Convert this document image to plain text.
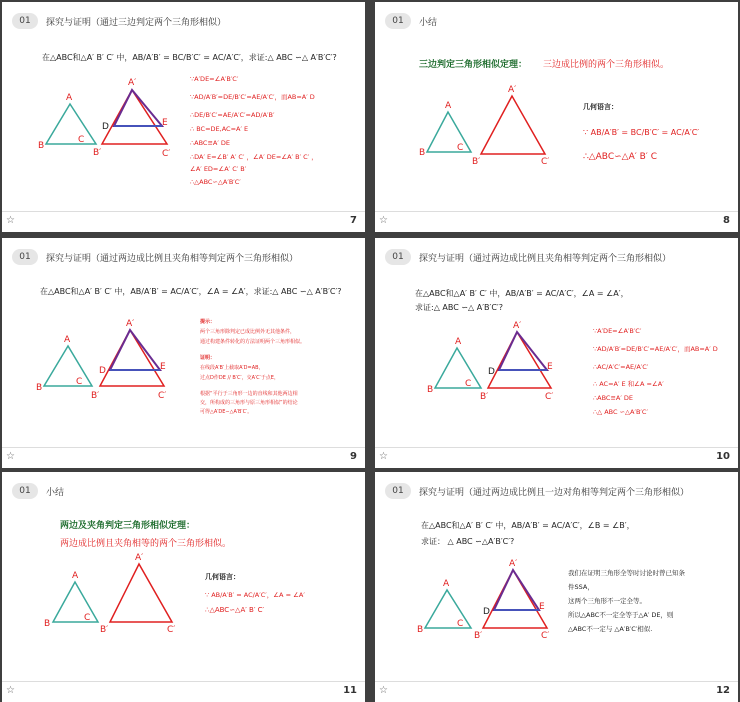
01	探究与证明（通过三边判定两个三角形相似）
在△ABC和△A′ B′ C′ 中，AB/A′B′ = BC/B′C′ = AC/A′C′，求证:△ ABC ∽△ A′B′C′?
A
B
C
A′
B′	C′
D	E
∵A′DE=∠A′B′C′
∵AD/A′B′=DE/B′C′=AE/A′C′，而AB=A′ D
∴DE/B′C′=AE/A′C′=AD/A′B′
∴ BC=DE,AC=A′ E
∴ABC≅A′ DE
∴DA′ E=∠B′ A′ C′ ，∠A′ DE=∠A′ B′ C′ ，
∠A′ ED=∠A′ C′ B′
∴△ABC∽△A′B′C′
☆	7
01	小结
三边判定三角形相似定理： 三边成比例的两个三角形相似。
A
B	C
A′
B′	C′
几何语言：
∵ AB/A′B′ = BC/B′C′ = AC/A′C′
∴△ABC∽△A′ B′ C
☆	8
01	探究与证明（通过两边成比例且夹角相等判定两个三角形相似）
在△ABC和△A′ B′ C′ 中，AB/A′B′ = AC/A′C′，∠A = ∠A′，求证:△ ABC ∽△ A′B′C′?
A
B
C
A′
B′	C′
D	E
提示：
两个三角形除判定已成比例外无其他条件，
通过构建条件转化的方法证明两个三角形相似。
证明：
在线段A′B′上截取A′D=AB，
过点D作DE // B′C′，交A′C′于点E，
根据“平行于三角形一边的直线和其他两边相
交，所构成的三角形与原三角形相似”的结论
可得△A′DE∽△A′B′C′。
☆	9
01	探究与证明（通过两边成比例且夹角相等判定两个三角形相似）
在△ABC和△A′ B′ C′ 中，AB/A′B′ = AC/A′C′，∠A = ∠A′，
求证:△ ABC ∽△ A′B′C′?
A
B
C
A′
B′	C′
D	E
∵A′DE=∠A′B′C′
∵AD/A′B′=DE/B′C′=AE/A′C′，而AB=A′ D
∴AC/A′C′=AE/A′C′
∴ AC=A′ E 和∠A =∠A′
∴ABC≅A′ DE
∴△ ABC ∽△A′B′C′
☆	10
01	小结
两边及夹角判定三角形相似定理：
两边成比例且夹角相等的两个三角形相似。
A
B
C
A′
B′	C′
几何语言：
∵ AB/A′B′ = AC/A′C′，∠A = ∠A′
∴△ABC∽△A′ B′ C′
☆	11
01	探究与证明（通过两边成比例且一边对角相等判定两个三角形相似）
在△ABC和△A′ B′ C′ 中，AB/A′B′ = AC/A′C′，∠B = ∠B′，
求证： △ ABC ∽△A′B′C′?
A
B
C
A′
B′	C′
D	E
我们在证明三角形全等时讨论时曾已知条
件SSA，
这两个三角形不一定全等。
所以△ABC不一定全等于△A′ DE，则
△ABC不一定与 △A′B′C′相似.
☆	12
